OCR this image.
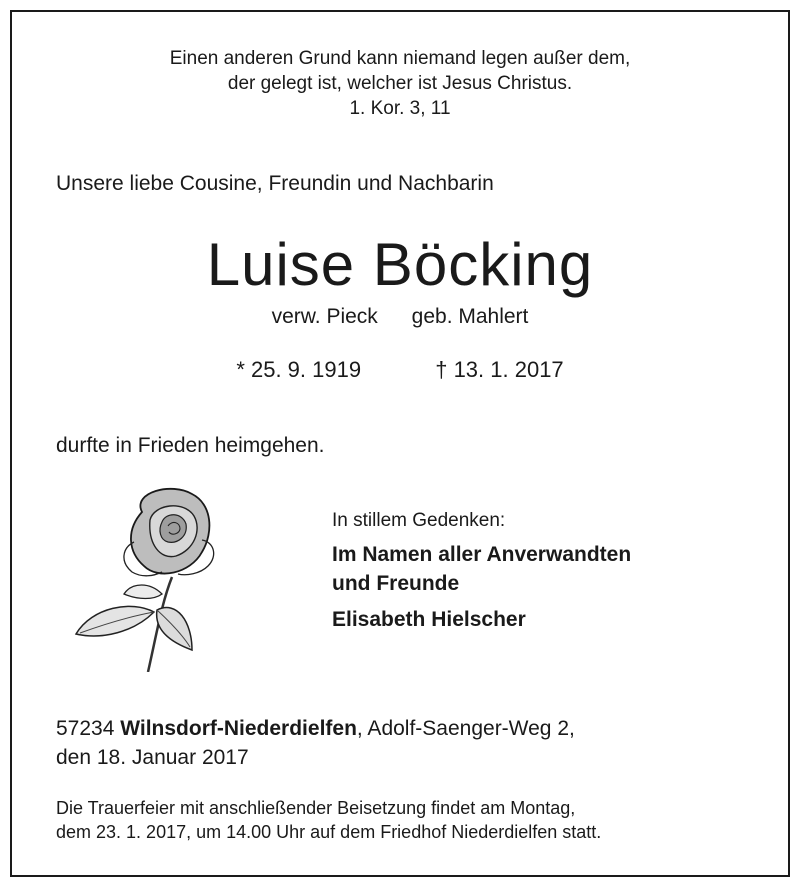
Einen anderen Grund kann niemand legen außer dem,
der gelegt ist, welcher ist Jesus Christus.
1. Kor. 3, 11

Unsere liebe Cousine, Freundin und Nachbarin

Luise Böcking

verw. Pieck geb. Mahlert
* 25. 9. 1919	† 13. 1. 2017

durfte in Frieden heimgehen.

In stillem Gedenken:
Im Namen aller Anverwandten
und Freunde
Elisabeth Hielscher
57234 Wilnsdorf-Niederdielfen, Adolf-Saenger-Weg 2,
den 18. Januar 2017
Die Trauerfeier mit anschließender Beisetzung findet am Montag,
dem 23. 1. 2017, um 14.00 Uhr auf dem Friedhof Niederdielfen statt.
